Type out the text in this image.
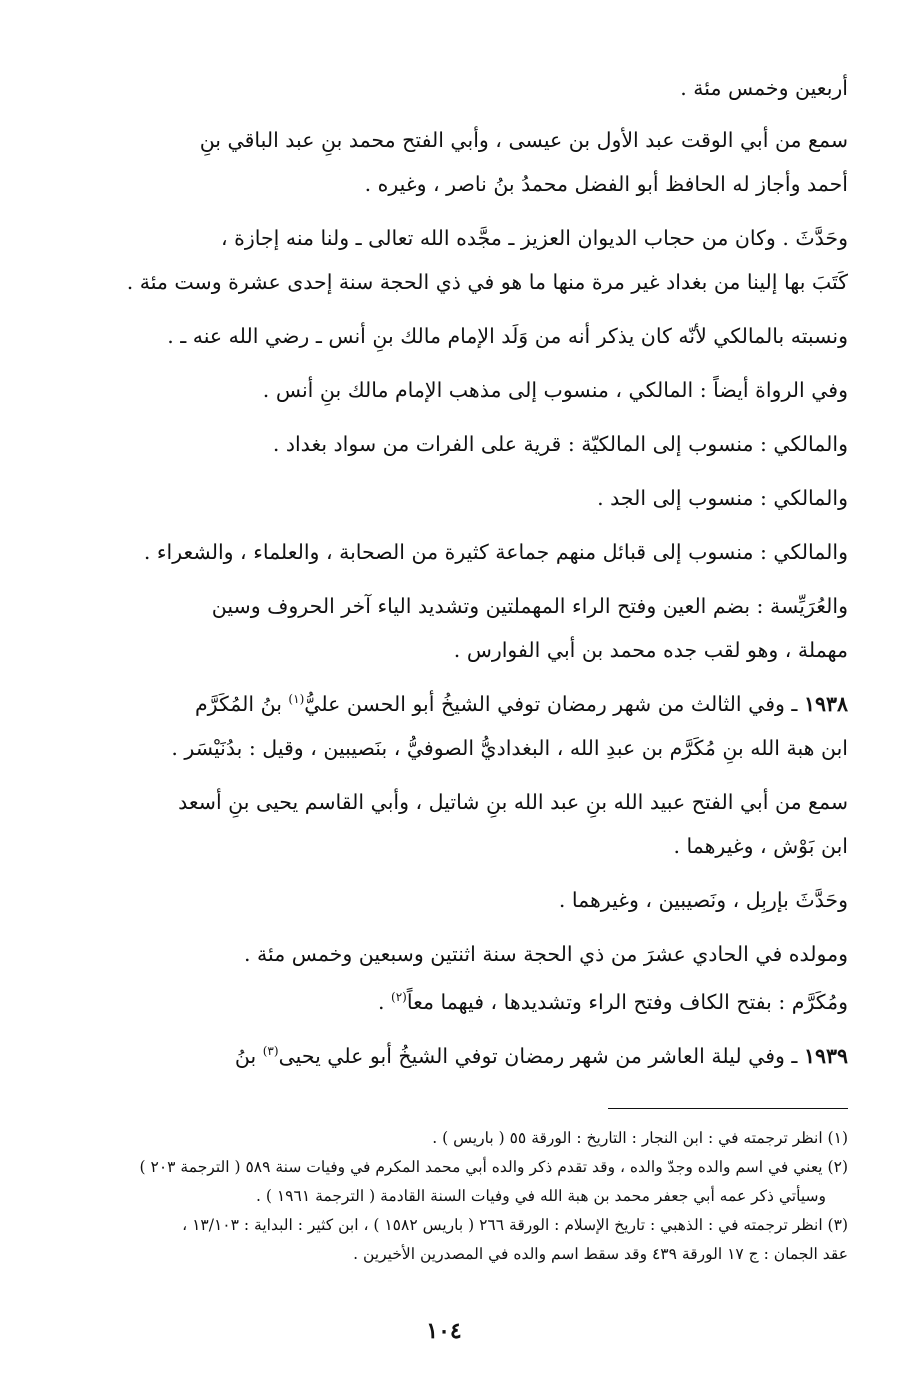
أربعين وخمس مئة .

سمع من أبي الوقت عبد الأول بن عيسى ، وأبي الفتح محمد بنِ عبد الباقي بنِ
أحمد وأجاز له الحافظ أبو الفضل محمدُ بنُ ناصر ، وغيره .

وحَدَّثَ . وكان من حجاب الديوان العزيز ـ مجَّده الله تعالى ـ ولنا منه إجازة ،
كَتَبَ بها إلينا من بغداد غير مرة منها ما هو في ذي الحجة سنة إحدى عشرة وست مئة .

ونسبته بالمالكي لأنّه كان يذكر أنه من وَلَد الإمام مالك بنِ أنس ـ رضي الله عنه ـ .

وفي الرواة أيضاً : المالكي ، منسوب إلى مذهب الإمام مالك بنِ أنس .

والمالكي : منسوب إلى المالكيّة : قرية على الفرات من سواد بغداد .

والمالكي : منسوب إلى الجد .

والمالكي : منسوب إلى قبائل منهم جماعة كثيرة من الصحابة ، والعلماء ، والشعراء .

والعُرَيِّسة : بضم العين وفتح الراء المهملتين وتشديد الياء آخر الحروف وسين
مهملة ، وهو لقب جده محمد بن أبي الفوارس .

١٩٣٨ ـ وفي الثالث من شهر رمضان توفي الشيخُ أبو الحسن عليُّ$^{(١)}$ بنُ المُكَرَّم
ابن هبة الله بنِ مُكَرَّم بن عبدِ الله ، البغداديُّ الصوفيُّ ، بنَصيبين ، وقيل : بدُنَيْسَر .

سمع من أبي الفتح عبيد الله بنِ عبد الله بنِ شاتيل ، وأبي القاسم يحيى بنِ أسعد
ابن بَوْش ، وغيرهما .

وحَدَّثَ بإربِل ، ونَصيبين ، وغيرهما .

ومولده في الحادي عشرَ من ذي الحجة سنة اثنتين وسبعين وخمس مئة .

ومُكَرَّم : بفتح الكاف وفتح الراء وتشديدها ، فيهما معاً$^{(٢)}$ .

١٩٣٩ ـ وفي ليلة العاشر من شهر رمضان توفي الشيخُ أبو علي يحيى$^{(٣)}$ بنُ

(١) انظر ترجمته في : ابن النجار : التاريخ : الورقة ٥٥ ( باريس ) .

(٢) يعني في اسم والده وجدّ والده ، وقد تقدم ذكر والده أبي محمد المكرم في وفيات سنة ٥٨٩ ( الترجمة ٢٠٣ )
وسيأتي ذكر عمه أبي جعفر محمد بن هبة الله في وفيات السنة القادمة ( الترجمة ١٩٦١ ) .

(٣) انظر ترجمته في : الذهبي : تاريخ الإسلام : الورقة ٢٦٦ ( باريس ١٥٨٢ ) ، ابن كثير : البداية : ١٣/١٠٣ ،
عقد الجمان : ج ١٧ الورقة ٤٣٩ وقد سقط اسم والده في المصدرين الأخيرين .

١٠٤
